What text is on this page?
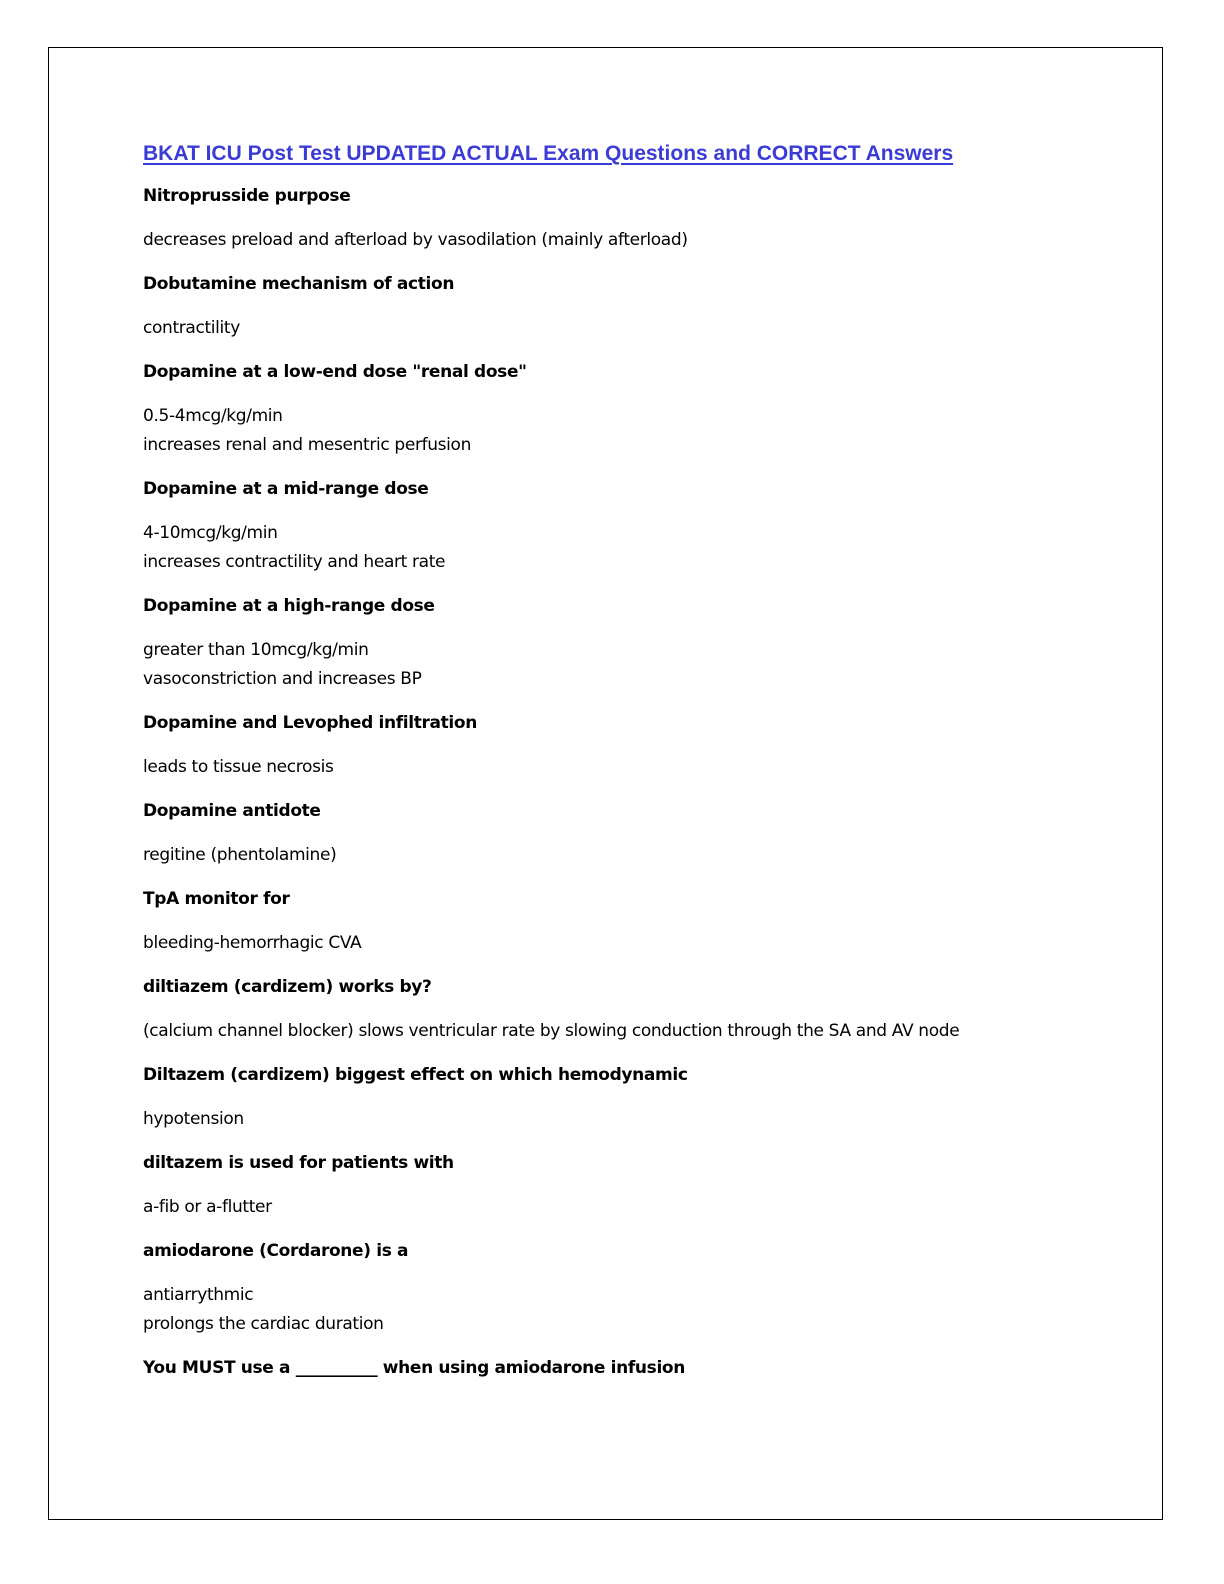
BKAT ICU Post Test UPDATED ACTUAL Exam Questions and CORRECT Answers
Nitroprusside purpose
decreases preload and afterload by vasodilation (mainly afterload)
Dobutamine mechanism of action
contractility
Dopamine at a low-end dose "renal dose"
0.5-4mcg/kg/min
increases renal and mesentric perfusion
Dopamine at a mid-range dose
4-10mcg/kg/min
increases contractility and heart rate
Dopamine at a high-range dose
greater than 10mcg/kg/min
vasoconstriction and increases BP
Dopamine and Levophed infiltration
leads to tissue necrosis
Dopamine antidote
regitine (phentolamine)
TpA monitor for
bleeding-hemorrhagic CVA
diltiazem (cardizem) works by?
(calcium channel blocker) slows ventricular rate by slowing conduction through the SA and AV node
Diltazem (cardizem) biggest effect on which hemodynamic
hypotension
diltazem is used for patients with
a-fib or a-flutter
amiodarone (Cordarone) is a
antiarrythmic
prolongs the cardiac duration
You MUST use a __________ when using amiodarone infusion
